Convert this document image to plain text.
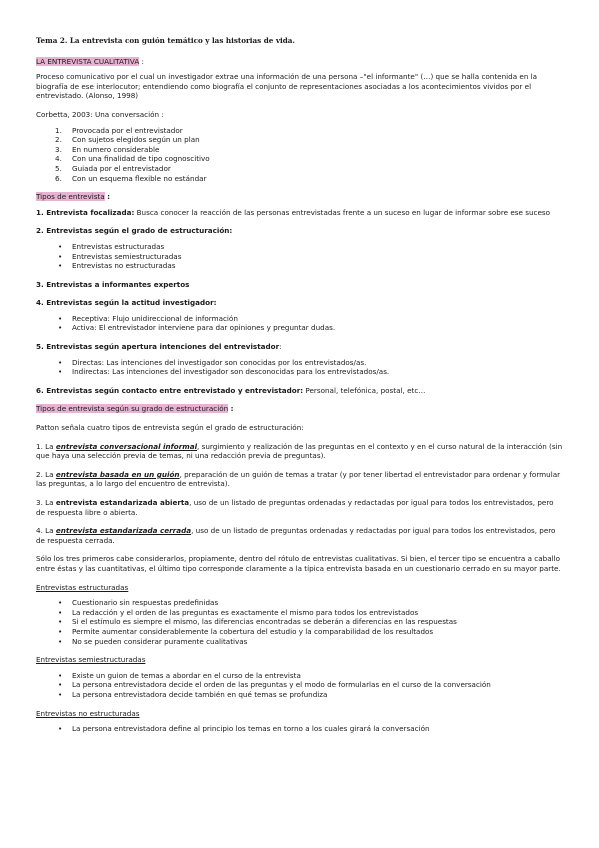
Tema 2. La entrevista con guión temático y las historias de vida.

LA ENTREVISTA CUALITATIVA :

Proceso comunicativo por el cual un investigador extrae una información de una persona –"el informante" (…) que se halla contenida en la biografía de ese interlocutor; entendiendo como biografía el conjunto de representaciones asociadas a los acontecimientos vividos por el entrevistado. (Alonso, 1998)

Corbetta, 2003: Una conversación :

1. Provocada por el entrevistador
2. Con sujetos elegidos según un plan
3. En numero considerable
4. Con una finalidad de tipo cognoscitivo
5. Guiada por el entrevistador
6. Con un esquema flexible no estándar

Tipos de entrevista :

1. Entrevista focalizada: Busca conocer la reacción de las personas entrevistadas frente a un suceso en lugar de informar sobre ese suceso

2. Entrevistas según el grado de estructuración:

• Entrevistas estructuradas
• Entrevistas semiestructuradas
• Entrevistas no estructuradas

3. Entrevistas a informantes expertos

4. Entrevistas según la actitud investigador:

• Receptiva: Flujo unidireccional de información
• Activa: El entrevistador interviene para dar opiniones y preguntar dudas.

5. Entrevistas según apertura intenciones del entrevistador:

• Directas: Las intenciones del investigador son conocidas por los entrevistados/as.
• Indirectas: Las intenciones del investigador son desconocidas para los entrevistados/as.

6. Entrevistas según contacto entre entrevistado y entrevistador: Personal, telefónica, postal, etc…

Tipos de entrevista según su grado de estructuración :

Patton señala cuatro tipos de entrevista según el grado de estructuración:

1. La entrevista conversacional informal, surgimiento y realización de las preguntas en el contexto y en el curso natural de la interacción (sin que haya una selección previa de temas, ni una redacción previa de preguntas).

2. La entrevista basada en un guión, preparación de un guión de temas a tratar (y por tener libertad el entrevistador para ordenar y formular las preguntas, a lo largo del encuentro de entrevista).

3. La entrevista estandarizada abierta, uso de un listado de preguntas ordenadas y redactadas por igual para todos los entrevistados, pero de respuesta libre o abierta.

4. La entrevista estandarizada cerrada, uso de un listado de preguntas ordenadas y redactadas por igual para todos los entrevistados, pero de respuesta cerrada.

Sólo los tres primeros cabe considerarlos, propiamente, dentro del rótulo de entrevistas cualitativas. Si bien, el tercer tipo se encuentra a caballo entre éstas y las cuantitativas, el último tipo corresponde claramente a la típica entrevista basada en un cuestionario cerrado en su mayor parte.

Entrevistas estructuradas

• Cuestionario sin respuestas predefinidas
• La redacción y el orden de las preguntas es exactamente el mismo para todos los entrevistados
• Si el estímulo es siempre el mismo, las diferencias encontradas se deberán a diferencias en las respuestas
• Permite aumentar considerablemente la cobertura del estudio y la comparabilidad de los resultados
• No se pueden considerar puramente cualitativas

Entrevistas semiestructuradas

• Existe un guion de temas a abordar en el curso de la entrevista
• La persona entrevistadora decide el orden de las preguntas y el modo de formularlas en el curso de la conversación
• La persona entrevistadora decide también en qué temas se profundiza

Entrevistas no estructuradas

• La persona entrevistadora define al principio los temas en torno a los cuales girará la conversación
